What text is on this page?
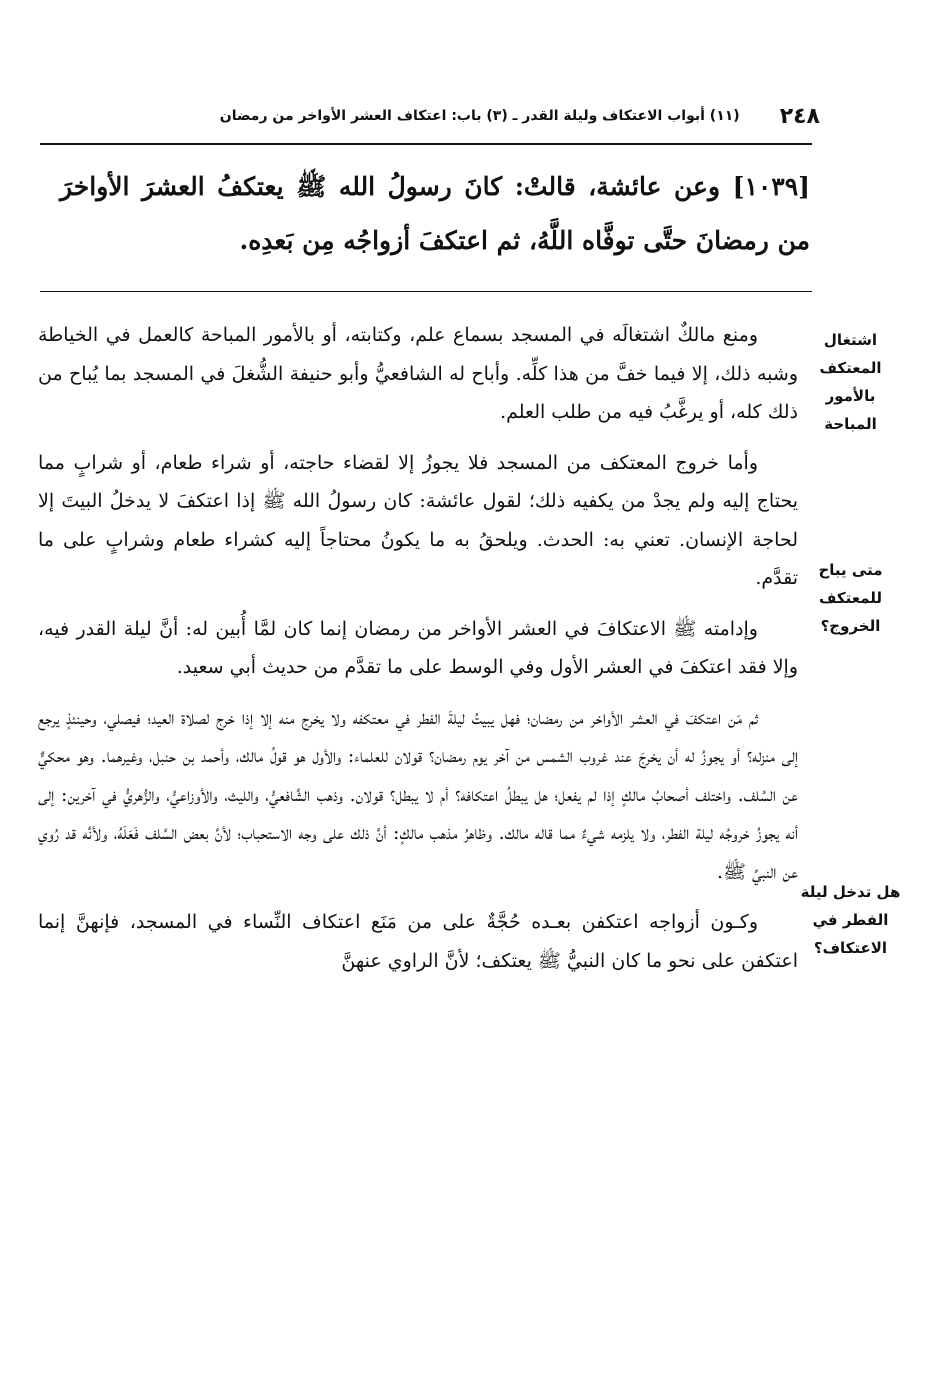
٢٤٨
(١١) أبواب الاعتكاف وليلة القدر ـ (٣) باب: اعتكاف العشر الأواخر من رمضان
[١٠٣٩] وعن عائشة، قالتْ: كانَ رسولُ الله ﷺ يعتكفُ العشرَ الأواخرَ من رمضانَ حتَّى توفَّاه اللَّهُ، ثم اعتكفَ أزواجُه مِن بَعدِه.
اشتغال المعتكف بالأمور المباحة
متى يباح للمعتكف الخروج؟
هل تدخل ليلة الفطر في الاعتكاف؟

ومنع مالكٌ اشتغالَه في المسجد بسماع علم، وكتابته، أو بالأمور المباحة كالعمل في الخياطة وشبه ذلك، إلا فيما خفَّ من هذا كلِّه. وأباح له الشافعيُّ وأبو حنيفة الشُّغلَ في المسجد بما يُباح من ذلك كله، أو يرغَّبُ فيه من طلب العلم.

وأما خروج المعتكف من المسجد فلا يجوزُ إلا لقضاء حاجته، أو شراء طعام، أو شرابٍ مما يحتاج إليه ولم يجدْ من يكفيه ذلك؛ لقول عائشة: كان رسولُ الله ﷺ إذا اعتكفَ لا يدخلُ البيتَ إلا لحاجة الإنسان. تعني به: الحدث. ويلحقُ به ما يكونُ محتاجاً إليه كشراء طعام وشرابٍ على ما تقدَّم.

وإدامته ﷺ الاعتكافَ في العشر الأواخر من رمضان إنما كان لمَّا أُبين له: أنَّ ليلة القدر فيه، وإلا فقد اعتكفَ في العشر الأول وفي الوسط على ما تقدَّم من حديث أبي سعيد.

ثم مَن اعتكفَ في العشر الأواخر من رمضان؛ فهل يبيتُ ليلةَ الفطر في معتكفه ولا يخرج منه إلا إذا خرج لصلاة العيد؛ فيصلي، وحينئذٍ يرجع إلى منزله؟ أو يجوزُ له أن يخرجَ عند غروب الشمس من آخر يوم رمضان؟ قولان للعلماء: والأول هو قولُ مالك، وأحمد بن حنبل، وغيرهما. وهو محكيٌّ عن السَّلف. واختلف أصحابُ مالكٍ إذا لم يفعل؛ هل يبطلُ اعتكافه؟ أم لا يبطل؟ قولان. وذهب الشَّافعيُّ، والليث، والأوزاعيُّ، والزُّهريُّ في آخرين: إلى أنه يجوزُ خروجُه ليلة الفطر، ولا يلزمه شيءٌ مما قاله مالك. وظاهرُ مذهب مالكٍ: أنَّ ذلك على وجه الاستحباب؛ لأنَّ بعض السَّلف فَعَلَهُ، ولأنَّه قد رُوي عن النبيِّ ﷺ.

وكـون أزواجه اعتكفن بعـده حُجَّةٌ على من مَنَع اعتكاف النِّساء في المسجد، فإنهنَّ إنما اعتكفن على نحو ما كان النبيُّ ﷺ يعتكف؛ لأنَّ الراوي عنهنَّ
